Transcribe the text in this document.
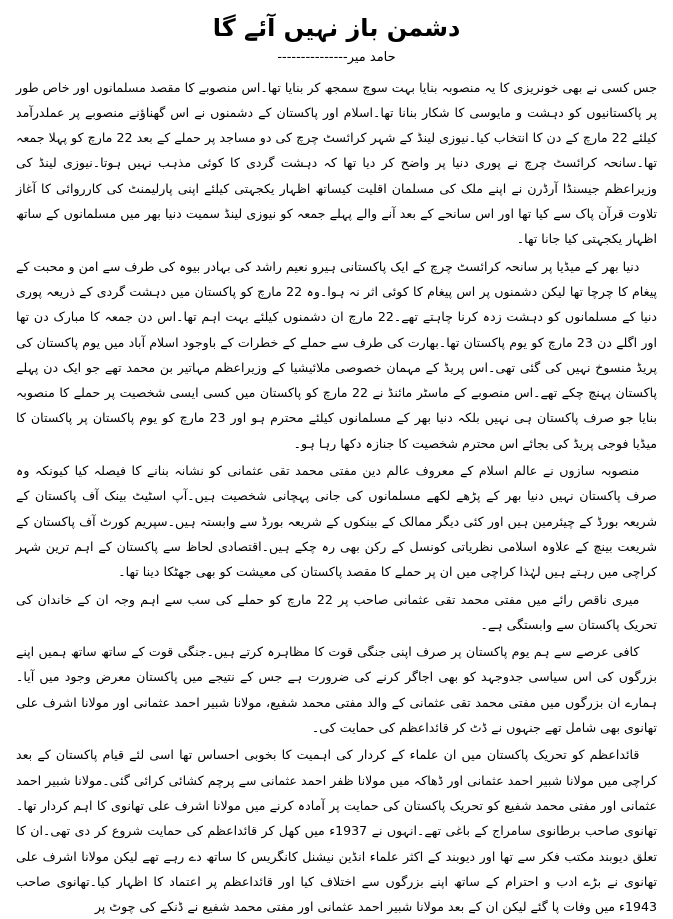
دشمن باز نہیں آئے گا
حامد میر---------------

جس کسی نے بھی خونریزی کا یہ منصوبہ بنایا بہت سوچ سمجھ کر بنایا تھا۔اس منصوبے کا مقصد مسلمانوں اور خاص طور پر پاکستانیوں کو دہشت و مایوسی کا شکار بنانا تھا۔اسلام اور پاکستان کے دشمنوں نے اس گھناؤنے منصوبے پر عملدرآمد کیلئے 22 مارچ کے دن کا انتخاب کیا۔نیوزی لینڈ کے شہر کرائسٹ چرچ کی دو مساجد پر حملے کے بعد 22 مارچ کو پہلا جمعہ تھا۔سانحہ کرائسٹ چرچ نے پوری دنیا پر واضح کر دیا تھا کہ دہشت گردی کا کوئی مذہب نہیں ہوتا۔نیوزی لینڈ کی وزیراعظم جیسنڈا آرڈرن نے اپنے ملک کی مسلمان اقلیت کیساتھ اظہار یکجہتی کیلئے اپنی پارلیمنٹ کی کارروائی کا آغاز تلاوت قرآن پاک سے کیا تھا اور اس سانحے کے بعد آنے والے پہلے جمعہ کو نیوزی لینڈ سمیت دنیا بھر میں مسلمانوں کے ساتھ اظہار یکجہتی کیا جانا تھا۔

دنیا بھر کے میڈیا پر سانحہ کرائسٹ چرچ کے ایک پاکستانی ہیرو نعیم راشد کی بہادر بیوہ کی طرف سے امن و محبت کے پیغام کا چرچا تھا لیکن دشمنوں پر اس پیغام کا کوئی اثر نہ ہوا۔وہ 22 مارچ کو پاکستان میں دہشت گردی کے ذریعہ پوری دنیا کے مسلمانوں کو دہشت زدہ کرنا چاہتے تھے۔22 مارچ ان دشمنوں کیلئے بہت اہم تھا۔اس دن جمعہ کا مبارک دن تھا اور اگلے دن 23 مارچ کو یوم پاکستان تھا۔بھارت کی طرف سے حملے کے خطرات کے باوجود اسلام آباد میں یوم پاکستان کی پریڈ منسوخ نہیں کی گئی تھی۔اس پریڈ کے مہمان خصوصی ملائیشیا کے وزیراعظم مہاتیر بن محمد تھے جو ایک دن پہلے پاکستان پہنچ چکے تھے۔اس منصوبے کے ماسٹر مائنڈ نے 22 مارچ کو پاکستان میں کسی ایسی شخصیت پر حملے کا منصوبہ بنایا جو صرف پاکستان ہی نہیں بلکہ دنیا بھر کے مسلمانوں کیلئے محترم ہو اور 23 مارچ کو یوم پاکستان پر پاکستان کا میڈیا فوجی پریڈ کی بجائے اس محترم شخصیت کا جنازہ دکھا رہا ہو۔

منصوبہ سازوں نے عالم اسلام کے معروف عالم دین مفتی محمد تقی عثمانی کو نشانہ بنانے کا فیصلہ کیا کیونکہ وہ صرف پاکستان نہیں دنیا بھر کے پڑھے لکھے مسلمانوں کی جانی پہچانی شخصیت ہیں۔آپ اسٹیٹ بینک آف پاکستان کے شریعہ بورڈ کے چیئرمین ہیں اور کئی دیگر ممالک کے بینکوں کے شریعہ بورڈ سے وابستہ ہیں۔سپریم کورٹ آف پاکستان کے شریعت بینچ کے علاوہ اسلامی نظریاتی کونسل کے رکن بھی رہ چکے ہیں۔اقتصادی لحاظ سے پاکستان کے اہم ترین شہر کراچی میں رہتے ہیں لہٰذا کراچی میں ان پر حملے کا مقصد پاکستان کی معیشت کو بھی جھٹکا دینا تھا۔

میری ناقص رائے میں مفتی محمد تقی عثمانی صاحب پر 22 مارچ کو حملے کی سب سے اہم وجہ ان کے خاندان کی تحریک پاکستان سے وابستگی ہے۔

کافی عرصے سے ہم یوم پاکستان پر صرف اپنی جنگی قوت کا مظاہرہ کرتے ہیں۔جنگی قوت کے ساتھ ساتھ ہمیں اپنے بزرگوں کی اس سیاسی جدوجہد کو بھی اجاگر کرنے کی ضرورت ہے جس کے نتیجے میں پاکستان معرض وجود میں آیا۔ہمارے ان بزرگوں میں مفتی محمد تقی عثمانی کے والد مفتی محمد شفیع، مولانا شبیر احمد عثمانی اور مولانا اشرف علی تھانوی بھی شامل تھے جنہوں نے ڈٹ کر قائداعظم کی حمایت کی۔

قائداعظم کو تحریک پاکستان میں ان علماء کے کردار کی اہمیت کا بخوبی احساس تھا اسی لئے قیام پاکستان کے بعد کراچی میں مولانا شبیر احمد عثمانی اور ڈھاکہ میں مولانا ظفر احمد عثمانی سے پرچم کشائی کرائی گئی۔مولانا شبیر احمد عثمانی اور مفتی محمد شفیع کو تحریک پاکستان کی حمایت پر آمادہ کرنے میں مولانا اشرف علی تھانوی کا اہم کردار تھا۔تھانوی صاحب برطانوی سامراج کے باغی تھے۔انہوں نے 1937ء میں کھل کر قائداعظم کی حمایت شروع کر دی تھی۔ان کا تعلق دیوبند مکتب فکر سے تھا اور دیوبند کے اکثر علماء انڈین نیشنل کانگریس کا ساتھ دے رہے تھے لیکن مولانا اشرف علی تھانوی نے بڑے ادب و احترام کے ساتھ اپنے بزرگوں سے اختلاف کیا اور قائداعظم پر اعتماد کا اظہار کیا۔تھانوی صاحب 1943ء میں وفات پا گئے لیکن ان کے بعد مولانا شبیر احمد عثمانی اور مفتی محمد شفیع نے ڈنکے کی چوٹ پر
